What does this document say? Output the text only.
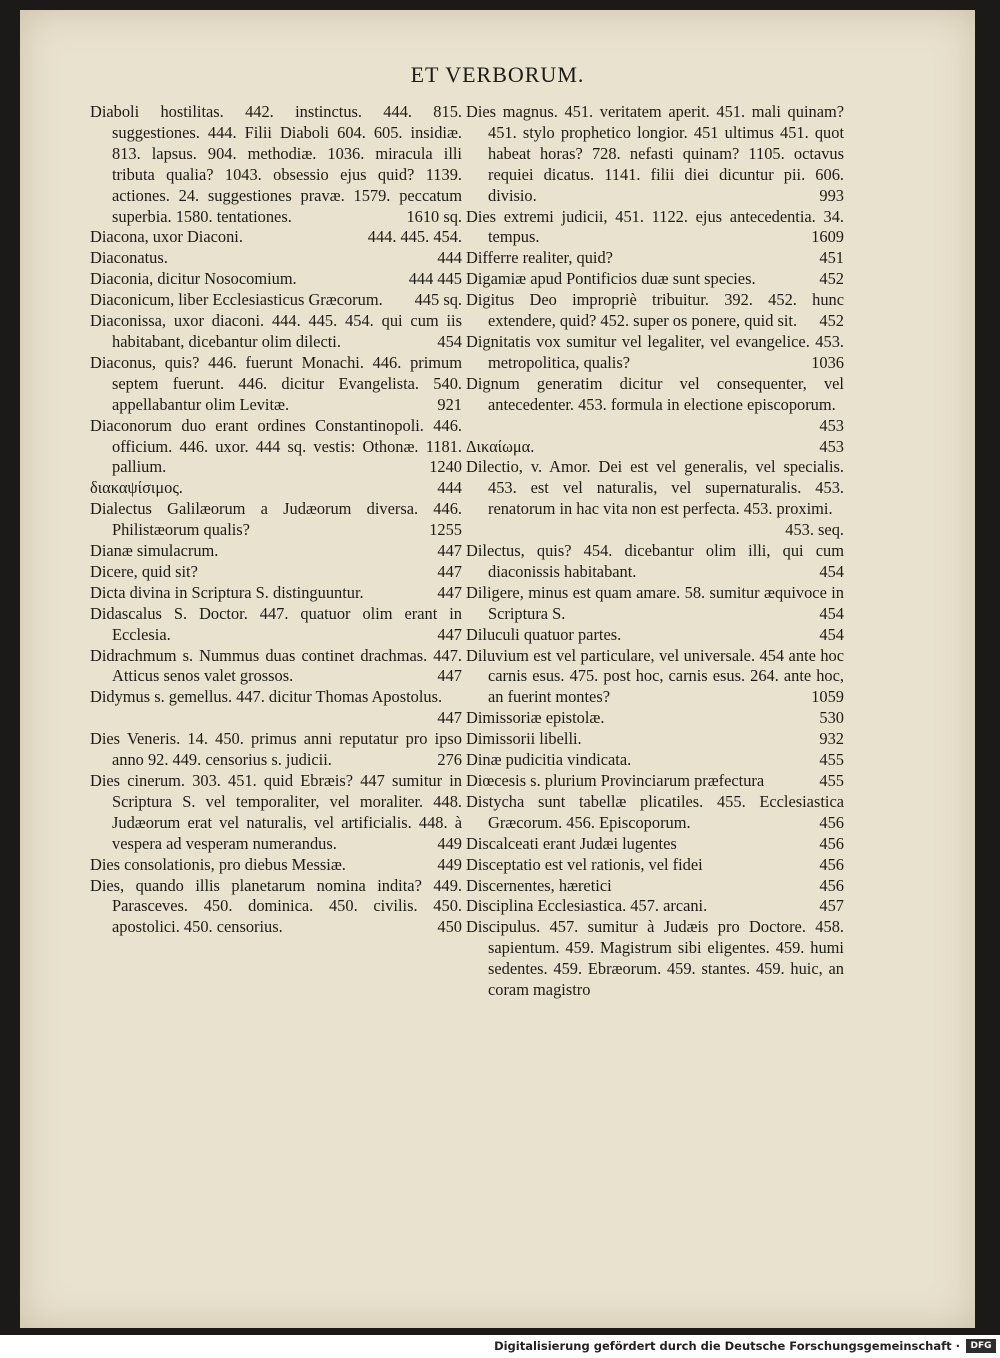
ET VERBORUM.

Diaboli hostilitas. 442. instinctus. 444. 815. suggestiones. 444. Filii Diaboli 604. 605. insidiæ. 813. lapsus. 904. methodiæ. 1036. miracula illi tributa qualia? 1043. obsessio ejus quid? 1139. actiones. 24. suggestiones pravæ. 1579. peccatum superbia. 1580. tentationes.	1610 sq.

Diacona, uxor Diaconi.	444. 445. 454.

Diaconatus.	444

Diaconia, dicitur Nosocomium.	444 445

Diaconicum, liber Ecclesiasticus Græcorum.	445 sq.

Diaconissa, uxor diaconi. 444. 445. 454. qui cum iis habitabant, dicebantur olim dilecti.	454

Diaconus, quis? 446. fuerunt Monachi. 446. primum septem fuerunt. 446. dicitur Evangelista. 540. appellabantur olim Levitæ.	921

Diaconorum duo erant ordines Constantinopoli. 446. officium. 446. uxor. 444 sq. vestis: Othonæ. 1181. pallium.	1240

διακαψίσιμος.	444

Dialectus Galilæorum a Judæorum diversa. 446. Philistæorum qualis?	1255

Dianæ simulacrum.	447

Dicere, quid sit?	447

Dicta divina in Scriptura S. distinguuntur.	447

Didascalus S. Doctor. 447. quatuor olim erant in Ecclesia.	447

Didrachmum s. Nummus duas continet drachmas. 447. Atticus senos valet grossos.	447

Didymus s. gemellus. 447. dicitur Thomas Apostolus.
447

Dies Veneris. 14. 450. primus anni reputatur pro ipso anno 92. 449. censorius s. judicii.	276

Dies cinerum. 303. 451. quid Ebræis? 447 sumitur in Scriptura S. vel temporaliter, vel moraliter. 448. Judæorum erat vel naturalis, vel artificialis. 448. à vespera ad vesperam numerandus.	449

Dies consolationis, pro diebus Messiæ.	449

Dies, quando illis planetarum nomina indita? 449. Parasceves. 450. dominica. 450. civilis. 450. apostolici. 450. censorius.	450

Dies magnus. 451. veritatem aperit. 451. mali quinam? 451. stylo prophetico longior. 451 ultimus 451. quot habeat horas? 728. nefasti quinam? 1105. octavus requiei dicatus. 1141. filii diei dicuntur pii. 606. divisio.	993

Dies extremi judicii, 451. 1122. ejus antecedentia. 34. tempus.	1609

Differre realiter, quid?	451

Digamiæ apud Pontificios duæ sunt species.	452

Digitus Deo impropriè tribuitur. 392. 452. hunc extendere, quid? 452. super os ponere, quid sit.	452

Dignitatis vox sumitur vel legaliter, vel evangelice. 453. metropolitica, qualis?	1036

Dignum generatim dicitur vel consequenter, vel antecedenter. 453. formula in electione episcoporum.
453

Δικαίωμα.	453

Dilectio, v. Amor. Dei est vel generalis, vel specialis. 453. est vel naturalis, vel supernaturalis. 453. renatorum in hac vita non est perfecta. 453. proximi.
453. seq.

Dilectus, quis? 454. dicebantur olim illi, qui cum diaconissis habitabant.	454

Diligere, minus est quam amare. 58. sumitur æquivoce in Scriptura S.	454

Diluculi quatuor partes.	454

Diluvium est vel particulare, vel universale. 454 ante hoc carnis esus. 475. post hoc, carnis esus. 264. ante hoc, an fuerint montes?	1059

Dimissoriæ epistolæ.	530

Dimissorii libelli.	932

Dinæ pudicitia vindicata.	455

Diœcesis s. plurium Provinciarum præfectura	455

Distycha sunt tabellæ plicatiles. 455. Ecclesiastica Græcorum. 456. Episcoporum.	456

Discalceati erant Judæi lugentes	456

Disceptatio est vel rationis, vel fidei	456

Discernentes, hæretici	456

Disciplina Ecclesiastica. 457. arcani.	457

Discipulus. 457. sumitur à Judæis pro Doctore. 458. sapientum. 459. Magistrum sibi eligentes. 459. humi sedentes. 459. Ebræorum. 459. stantes. 459. huic, an coram magistro

Digitalisierung gefördert durch die Deutsche Forschungsgemeinschaft ·	DFG
